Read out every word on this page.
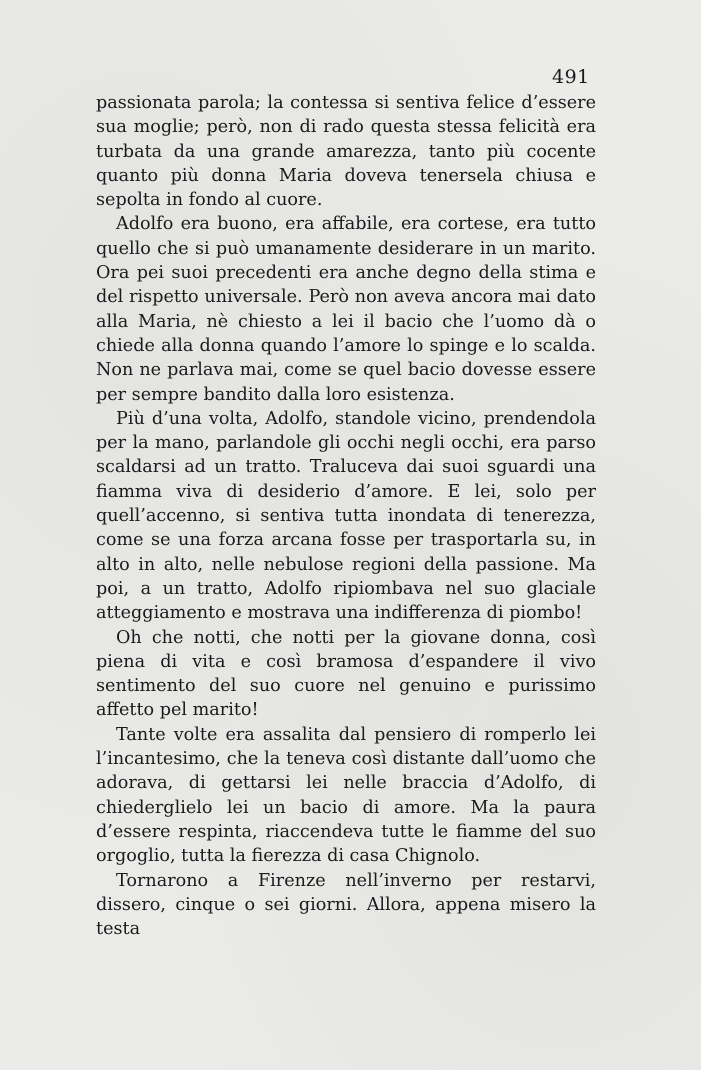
491

passionata parola; la contessa si sentiva felice d’essere sua moglie; però, non di rado questa stessa felicità era turbata da una grande amarezza, tanto più cocente quanto più donna Maria doveva tenersela chiusa e sepolta in fondo al cuore.

Adolfo era buono, era affabile, era cortese, era tutto quello che si può umanamente desiderare in un marito. Ora pei suoi precedenti era anche degno della stima e del rispetto universale. Però non aveva ancora mai dato alla Maria, nè chiesto a lei il bacio che l’uomo dà o chiede alla donna quando l’amore lo spinge e lo scalda. Non ne parlava mai, come se quel bacio dovesse essere per sempre bandito dalla loro esistenza.

Più d’una volta, Adolfo, standole vicino, prendendola per la mano, parlandole gli occhi negli occhi, era parso scaldarsi ad un tratto. Traluceva dai suoi sguardi una fiamma viva di desiderio d’amore. E lei, solo per quell’accenno, si sentiva tutta inondata di tenerezza, come se una forza arcana fosse per trasportarla su, in alto in alto, nelle nebulose regioni della passione. Ma poi, a un tratto, Adolfo ripiombava nel suo glaciale atteggiamento e mostrava una indifferenza di piombo!

Oh che notti, che notti per la giovane donna, così piena di vita e così bramosa d’espandere il vivo sentimento del suo cuore nel genuino e purissimo affetto pel marito!

Tante volte era assalita dal pensiero di romperlo lei l’incantesimo, che la teneva così distante dall’uomo che adorava, di gettarsi lei nelle braccia d’Adolfo, di chiederglielo lei un bacio di amore. Ma la paura d’essere respinta, riaccendeva tutte le fiamme del suo orgoglio, tutta la fierezza di casa Chignolo.

Tornarono a Firenze nell’inverno per restarvi, dissero, cinque o sei giorni. Allora, appena misero la testa
